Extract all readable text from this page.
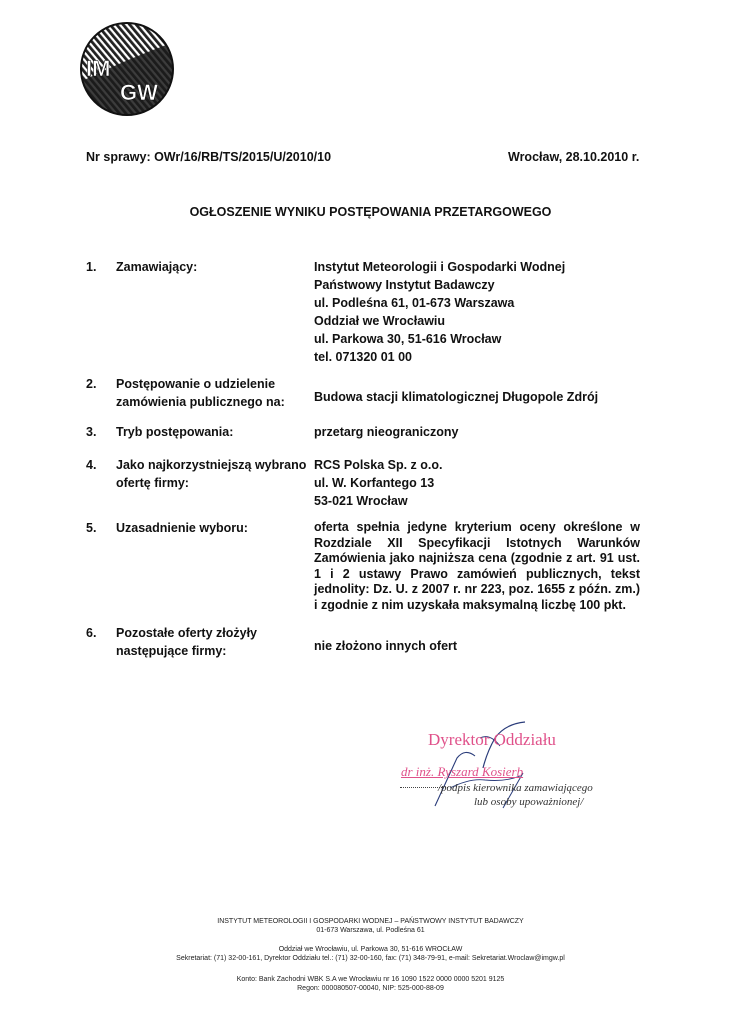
IM
GW
Nr sprawy: OWr/16/RB/TS/2015/U/2010/10	Wrocław, 28.10.2010 r.
OGŁOSZENIE WYNIKU POSTĘPOWANIA PRZETARGOWEGO
1.	Zamawiający:	Instytut Meteorologii i Gospodarki Wodnej
Państwowy Instytut Badawczy
ul. Podleśna 61, 01-673 Warszawa
Oddział we Wrocławiu
ul. Parkowa 30, 51-616 Wrocław
tel. 071320 01 00
2.	Postępowanie o udzielenie
zamówienia publicznego na:	Budowa stacji klimatologicznej Długopole Zdrój
3.	Tryb postępowania:	przetarg nieograniczony
4.	Jako najkorzystniejszą wybrano
ofertę firmy:
RCS Polska Sp. z o.o.
ul. W. Korfantego 13
53-021 Wrocław
5.	Uzasadnienie wyboru:	oferta spełnia jedyne kryterium oceny określone w Rozdziale XII Specyfikacji Istotnych Warunków Zamówienia jako najniższa cena (zgodnie z art. 91 ust. 1 i 2 ustawy Prawo zamówień publicznych, tekst jednolity: Dz. U. z 2007 r. nr 223, poz. 1655 z późn. zm.) i zgodnie z nim uzyskała maksymalną liczbę 100 pkt.
6.	Pozostałe oferty złożyły
następujące firmy:	nie złożono innych ofert
Dyrektor Oddziału
dr inż. Ryszard Kosierb
/podpis kierownika zamawiającego
lub osoby upoważnionej/
INSTYTUT METEOROLOGII I GOSPODARKI WODNEJ – PAŃSTWOWY INSTYTUT BADAWCZY
01-673 Warszawa, ul. Podleśna 61
Oddział we Wrocławiu, ul. Parkowa 30, 51-616 WROCŁAW
Sekretariat: (71) 32-00-161, Dyrektor Oddziału tel.: (71) 32-00-160, fax: (71) 348-79-91, e-mail: Sekretariat.Wroclaw@imgw.pl
Konto: Bank Zachodni WBK S.A we Wrocławiu nr 16 1090 1522 0000 0000 5201 9125
Regon: 000080507-00040, NIP: 525-000-88-09
